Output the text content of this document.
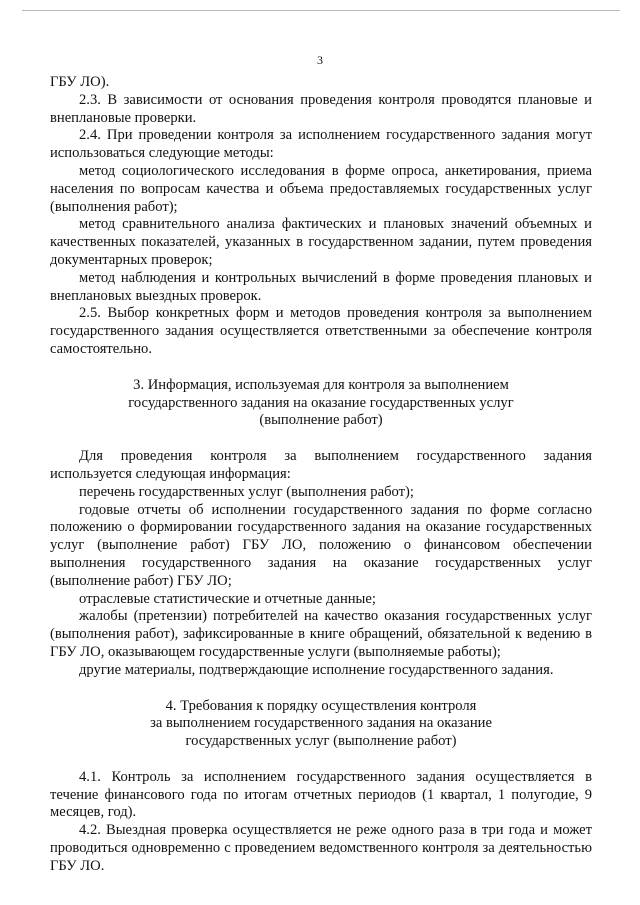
3

ГБУ ЛО).

2.3. В зависимости от основания проведения контроля проводятся плановые и внеплановые проверки.

2.4. При проведении контроля за исполнением государственного задания могут использоваться следующие методы:

метод социологического исследования в форме опроса, анкетирования, приема населения по вопросам качества и объема предоставляемых государственных услуг (выполнения работ);

метод сравнительного анализа фактических и плановых значений объемных и качественных показателей, указанных в государственном задании, путем проведения документарных проверок;

метод наблюдения и контрольных вычислений в форме проведения плановых и внеплановых выездных проверок.

2.5. Выбор конкретных форм и методов проведения контроля за выполнением государственного задания осуществляется ответственными за обеспечение контроля самостоятельно.

3. Информация, используемая для контроля за выполнением

государственного задания на оказание государственных услуг

(выполнение работ)

Для проведения контроля за выполнением государственного задания используется следующая информация:

перечень государственных услуг (выполнения работ);

годовые отчеты об исполнении государственного задания по форме согласно положению о формировании государственного задания на оказание государственных услуг (выполнение работ) ГБУ ЛО, положению о финансовом обеспечении выполнения государственного задания на оказание государственных услуг (выполнение работ) ГБУ ЛО;

отраслевые статистические и отчетные данные;

жалобы (претензии) потребителей на качество оказания государственных услуг (выполнения работ), зафиксированные в книге обращений, обязательной к ведению в ГБУ ЛО, оказывающем государственные услуги (выполняемые работы);

другие материалы, подтверждающие исполнение государственного задания.

4. Требования к порядку осуществления контроля

за выполнением государственного задания на оказание

государственных услуг (выполнение работ)

4.1. Контроль за исполнением государственного задания осуществляется в течение финансового года по итогам отчетных периодов (1 квартал, 1 полугодие, 9 месяцев, год).

4.2. Выездная проверка осуществляется не реже одного раза в три года и может проводиться одновременно с проведением ведомственного контроля за деятельностью ГБУ ЛО.
